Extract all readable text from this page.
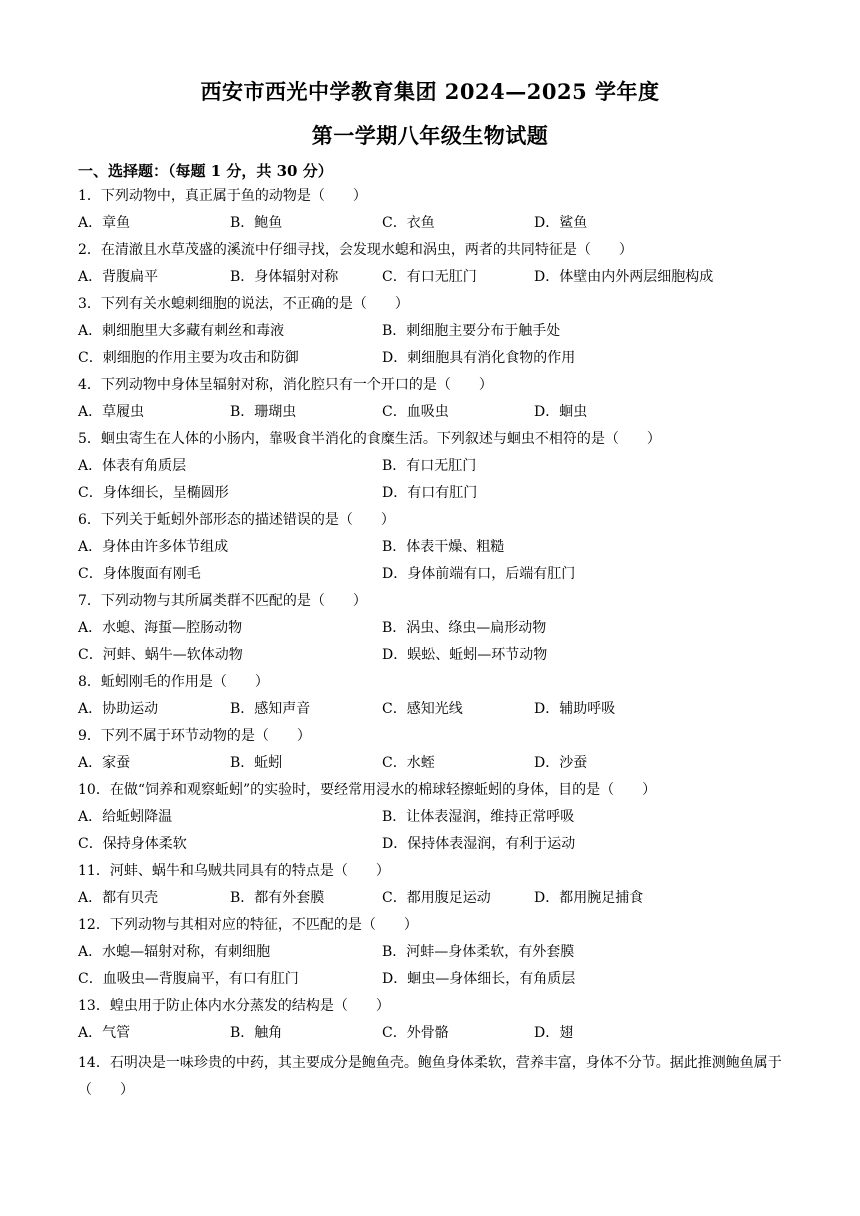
西安市西光中学教育集团 2024—2025 学年度
第一学期八年级生物试题
一、选择题：（每题 1 分，共 30 分）
1．下列动物中，真正属于鱼的动物是（　　）
A．章鱼	B．鲍鱼	C．衣鱼	D．鲨鱼
2．在清澈且水草茂盛的溪流中仔细寻找，会发现水螅和涡虫，两者的共同特征是（　　）
A．背腹扁平	B．身体辐射对称	C．有口无肛门	D．体壁由内外两层细胞构成
3．下列有关水螅刺细胞的说法，不正确的是（　　）
A．刺细胞里大多藏有刺丝和毒液	B．刺细胞主要分布于触手处
C．刺细胞的作用主要为攻击和防御	D．刺细胞具有消化食物的作用
4．下列动物中身体呈辐射对称，消化腔只有一个开口的是（　　）
A．草履虫	B．珊瑚虫	C．血吸虫	D．蛔虫
5．蛔虫寄生在人体的小肠内，靠吸食半消化的食糜生活。下列叙述与蛔虫不相符的是（　　）
A．体表有角质层	B．有口无肛门
C．身体细长，呈椭圆形	D．有口有肛门
6．下列关于蚯蚓外部形态的描述错误的是（　　）
A．身体由许多体节组成	B．体表干燥、粗糙
C．身体腹面有刚毛	D．身体前端有口，后端有肛门
7．下列动物与其所属类群不匹配的是（　　）
A．水螅、海蜇—腔肠动物	B．涡虫、绦虫—扁形动物
C．河蚌、蜗牛—软体动物	D．蜈蚣、蚯蚓—环节动物
8．蚯蚓刚毛的作用是（　　）
A．协助运动	B．感知声音	C．感知光线	D．辅助呼吸
9．下列不属于环节动物的是（　　）
A．家蚕	B．蚯蚓	C．水蛭	D．沙蚕
10．在做“饲养和观察蚯蚓”的实验时，要经常用浸水的棉球轻擦蚯蚓的身体，目的是（　　）
A．给蚯蚓降温	B．让体表湿润，维持正常呼吸
C．保持身体柔软	D．保持体表湿润，有利于运动
11．河蚌、蜗牛和乌贼共同具有的特点是（　　）
A．都有贝壳	B．都有外套膜	C．都用腹足运动	D．都用腕足捕食
12．下列动物与其相对应的特征，不匹配的是（　　）
A．水螅—辐射对称，有刺细胞	B．河蚌—身体柔软，有外套膜
C．血吸虫—背腹扁平，有口有肛门	D．蛔虫—身体细长，有角质层
13．蝗虫用于防止体内水分蒸发的结构是（　　）
A．气管	B．触角	C．外骨骼	D．翅
14．石明决是一味珍贵的中药，其主要成分是鲍鱼壳。鲍鱼身体柔软，营养丰富，身体不分节。据此推测鲍鱼属于（　　）
